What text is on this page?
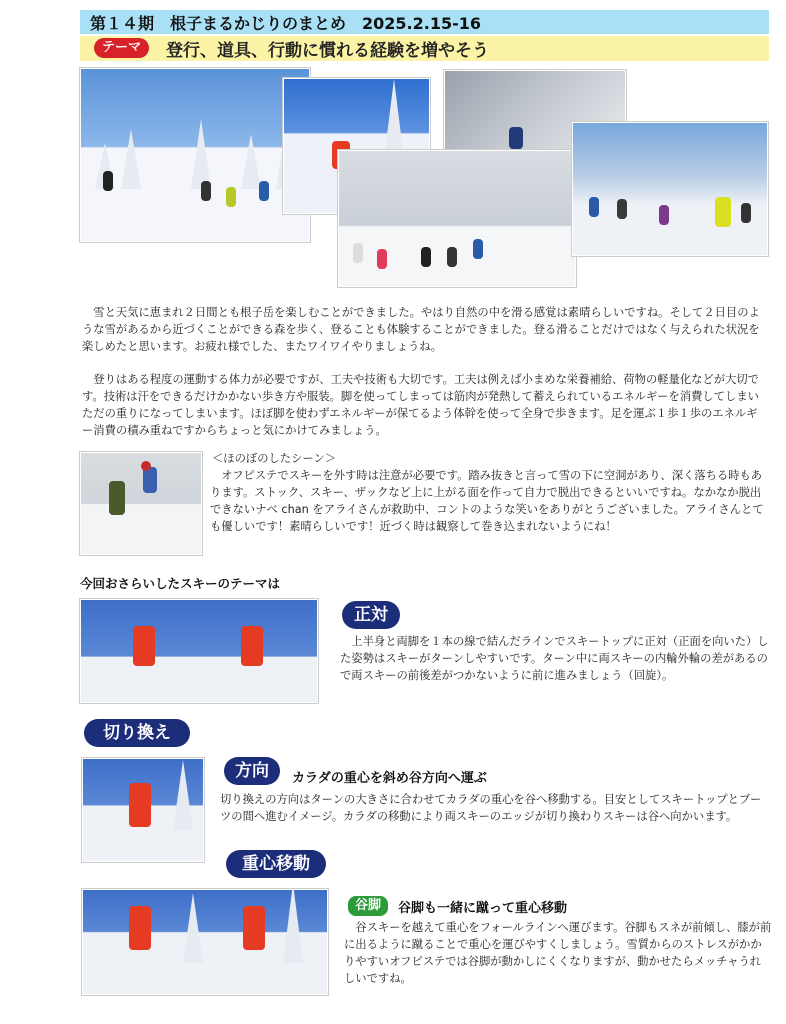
第１４期　根子まるかじりのまとめ　2025.2.15-16
テーマ	登行、道具、行動に慣れる経験を増やそう

雪と天気に恵まれ２日間とも根子岳を楽しむことができました。やはり自然の中を滑る感覚は素晴らしいですね。そして２日目のような雪があるから近づくことができる森を歩く、登ることも体験することができました。登る滑ることだけではなく与えられた状況を楽しめたと思います。お疲れ様でした、またワイワイやりましょうね。

登りはある程度の運動する体力が必要ですが、工夫や技術も大切です。工夫は例えば小まめな栄養補給、荷物の軽量化などが大切です。技術は汗をできるだけかかない歩き方や服装。脚を使ってしまっては筋肉が発熱して蓄えられているエネルギーを消費してしまいただの重りになってしまいます。ほぼ脚を使わずエネルギーが保てるよう体幹を使って全身で歩きます。足を運ぶ１歩１歩のエネルギー消費の積み重ねですからちょっと気にかけてみましょう。

＜ほのぼのしたシーン＞

オフピステでスキーを外す時は注意が必要です。踏み抜きと言って雪の下に空洞があり、深く落ちる時もあります。ストック、スキー、ザックなど上に上がる面を作って自力で脱出できるといいですね。なかなか脱出できないナベ chan をアライさんが救助中、コントのような笑いをありがとうございました。アライさんとても優しいです！素晴らしいです！近づく時は観察して巻き込まれないようにね！

今回おさらいしたスキーのテーマは
正対

上半身と両脚を１本の線で結んだラインでスキートップに正対（正面を向いた）した姿勢はスキーがターンしやすいです。ターン中に両スキーの内輪外輪の差があるので両スキーの前後差がつかないように前に進みましょう（回旋）。

切り換え
方向	カラダの重心を斜め谷方向へ運ぶ

切り換えの方向はターンの大きさに合わせてカラダの重心を谷へ移動する。目安としてスキートップとブーツの間へ進むイメージ。カラダの移動により両スキーのエッジが切り換わりスキーは谷へ向かいます。

重心移動
谷脚	谷脚も一緒に蹴って重心移動

谷スキーを越えて重心をフォールラインへ運びます。谷脚もスネが前傾し、膝が前に出るように蹴ることで重心を運びやすくしましょう。雪質からのストレスがかかりやすいオフピステでは谷脚が動かしにくくなりますが、動かせたらメッチャうれしいですね。
